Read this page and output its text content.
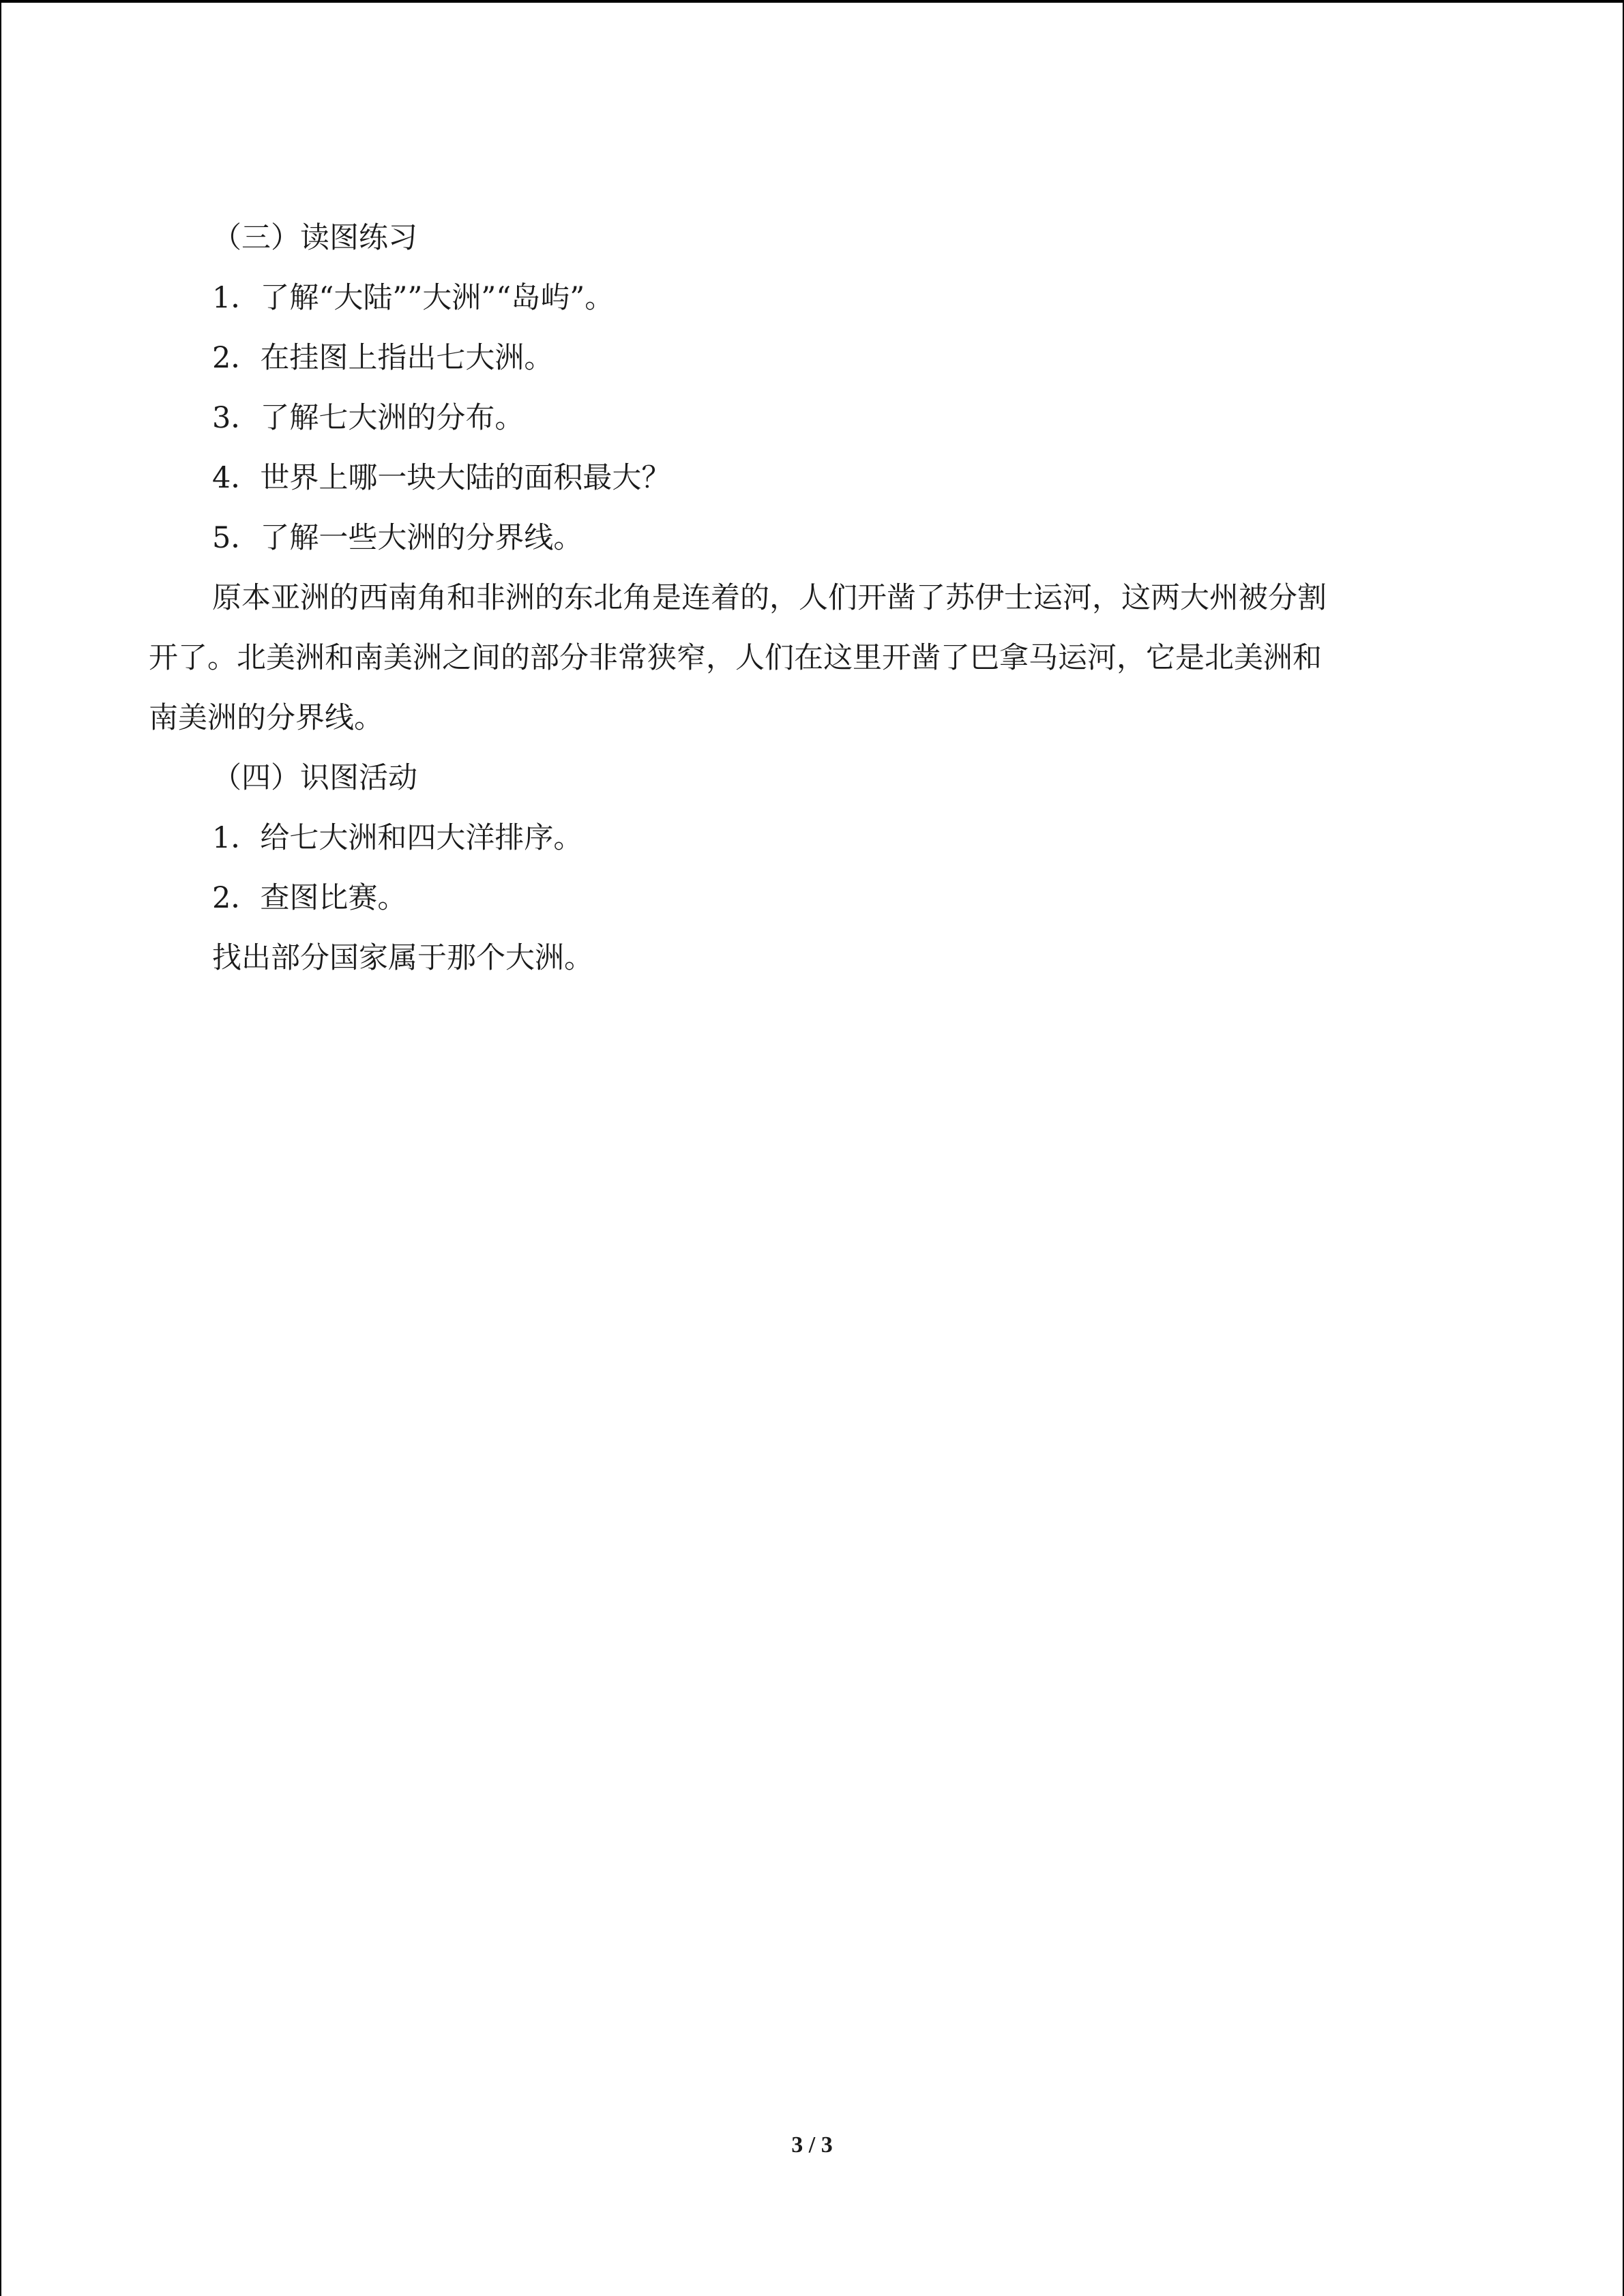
（三）读图练习
1．了解“大陆””大洲”“岛屿”。
2．在挂图上指出七大洲。
3．了解七大洲的分布。
4．世界上哪一块大陆的面积最大？
5．了解一些大洲的分界线。
原本亚洲的西南角和非洲的东北角是连着的，人们开凿了苏伊士运河，这两大州被分割
开了。北美洲和南美洲之间的部分非常狭窄，人们在这里开凿了巴拿马运河，它是北美洲和
南美洲的分界线。
（四）识图活动
1．给七大洲和四大洋排序。
2．查图比赛。
找出部分国家属于那个大洲。
3 / 3
